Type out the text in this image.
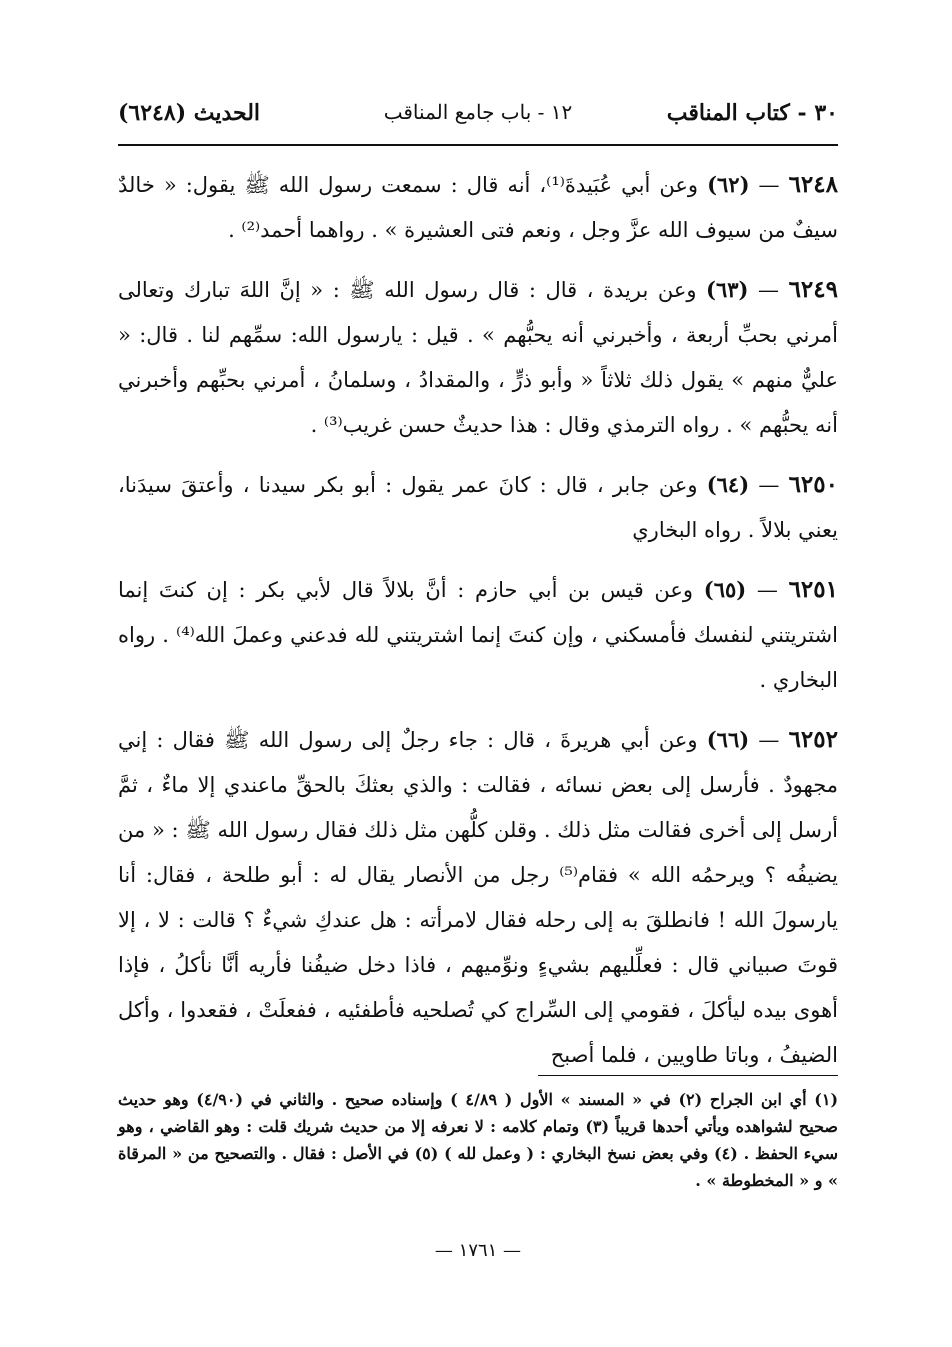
٣٠ - كتاب المناقب
١٢ - باب جامع المناقب
الحديث (٦٢٤٨)

٦٢٤٨ — (٦٢) وعن أبي عُبَيدةَ⁽¹⁾، أنه قال : سمعت رسول الله ﷺ يقول: « خالدٌ سيفٌ من سيوف الله عزَّ وجل ، ونعم فتى العشيرة » . رواهما أحمد⁽²⁾ .

٦٢٤٩ — (٦٣) وعن بريدة ، قال : قال رسول الله ﷺ : « إنَّ اللهَ تبارك وتعالى أمرني بحبِّ أربعة ، وأخبرني أنه يحبُّهم » . قيل : يارسول الله: سمِّهم لنا . قال: « عليٌّ منهم » يقول ذلك ثلاثاً « وأبو ذرٍّ ، والمقدادُ ، وسلمانُ ، أمرني بحبِّهم وأخبرني أنه يحبُّهم » . رواه الترمذي وقال : هذا حديثٌ حسن غريب⁽³⁾ .

٦٢٥٠ — (٦٤) وعن جابر ، قال : كانَ عمر يقول : أبو بكر سيدنا ، وأعتقَ سيدَنا، يعني بلالاً . رواه البخاري

٦٢٥١ — (٦٥) وعن قيس بن أبي حازم : أنَّ بلالاً قال لأبي بكر : إن كنتَ إنما اشتريتني لنفسك فأمسكني ، وإن كنتَ إنما اشتريتني لله فدعني وعملَ الله⁽⁴⁾ . رواه البخاري .

٦٢٥٢ — (٦٦) وعن أبي هريرةَ ، قال : جاء رجلٌ إلى رسول الله ﷺ فقال : إني مجهودٌ . فأرسل إلى بعض نسائه ، فقالت : والذي بعثكَ بالحقِّ ماعندي إلا ماءٌ ، ثمَّ أرسل إلى أخرى فقالت مثل ذلك . وقلن كلُّهن مثل ذلك فقال رسول الله ﷺ : « من يضيفُه ؟ ويرحمُه الله » فقام⁽⁵⁾ رجل من الأنصار يقال له : أبو طلحة ، فقال: أنا يارسولَ الله ! فانطلقَ به إلى رحله فقال لامرأته : هل عندكِ شيءٌ ؟ قالت : لا ، إلا قوتَ صبياني قال : فعلِّليهم بشيءٍ ونوِّميهم ، فاذا دخل ضيفُنا فأريه أنَّا نأكلُ ، فإذا أهوى بيده ليأكلَ ، فقومي إلى السِّراج كي تُصلحيه فأطفئيه ، ففعلَتْ ، فقعدوا ، وأكل الضيفُ ، وباتا طاويين ، فلما أصبح

(١) أي ابن الجراح (٢) في « المسند » الأول ( ٤/٨٩ ) وإسناده صحيح . والثاني في (٤/٩٠) وهو حديث صحيح لشواهده ويأتي أحدها قريباً (٣) وتمام كلامه : لا نعرفه إلا من حديث شريك قلت : وهو القاضي ، وهو سيء الحفظ . (٤) وفي بعض نسخ البخاري : ( وعمل لله ) (٥) في الأصل : فقال . والتصحيح من « المرقاة » و « المخطوطة » .

— ١٧٦١ —
